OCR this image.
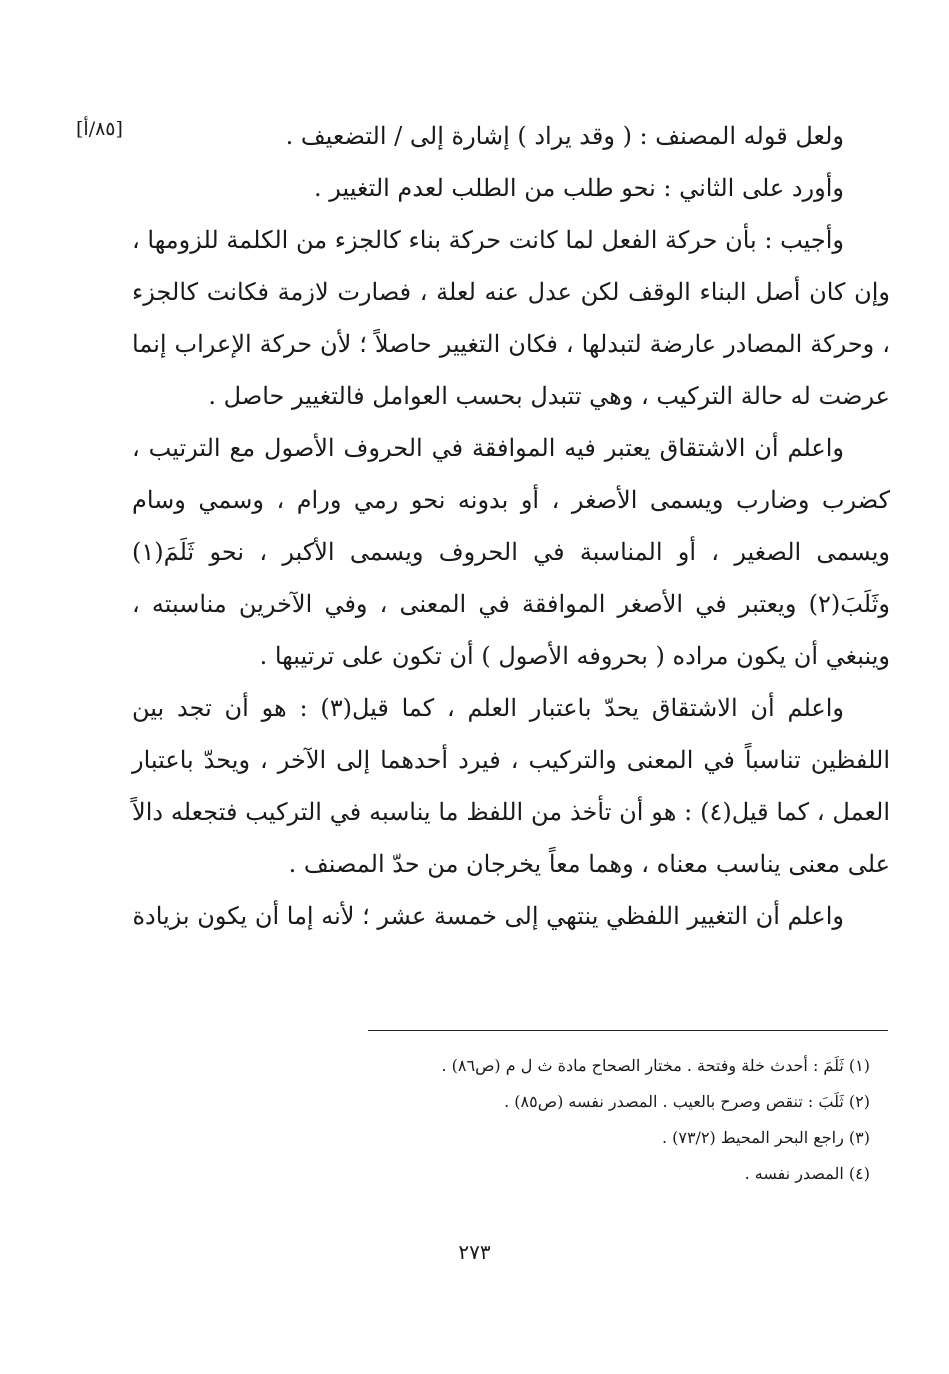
[٨٥/أ]	ولعل قوله المصنف : ( وقد يراد ) إشارة إلى / التضعيف .

وأورد على الثاني : نحو طلب من الطلب لعدم التغيير .

وأجيب : بأن حركة الفعل لما كانت حركة بناء كالجزء من الكلمة للزومها ، وإن كان أصل البناء الوقف لكن عدل عنه لعلة ، فصارت لازمة فكانت كالجزء ، وحركة المصادر عارضة لتبدلها ، فكان التغيير حاصلاً ؛ لأن حركة الإعراب إنما عرضت له حالة التركيب ، وهي تتبدل بحسب العوامل فالتغيير حاصل .

واعلم أن الاشتقاق يعتبر فيه الموافقة في الحروف الأصول مع الترتيب ، كضرب وضارب ويسمى الأصغر ، أو بدونه نحو رمي ورام ، وسمي وسام ويسمى الصغير ، أو المناسبة في الحروف ويسمى الأكبر ، نحو ثَلَمَ(١) وثَلَبَ(٢) ويعتبر في الأصغر الموافقة في المعنى ، وفي الآخرين مناسبته ، وينبغي أن يكون مراده ( بحروفه الأصول ) أن تكون على ترتيبها .

واعلم أن الاشتقاق يحدّ باعتبار العلم ، كما قيل(٣) : هو أن تجد بين اللفظين تناسباً في المعنى والتركيب ، فيرد أحدهما إلى الآخر ، ويحدّ باعتبار العمل ، كما قيل(٤) : هو أن تأخذ من اللفظ ما يناسبه في التركيب فتجعله دالاً على معنى يناسب معناه ، وهما معاً يخرجان من حدّ المصنف .

واعلم أن التغيير اللفظي ينتهي إلى خمسة عشر ؛ لأنه إما أن يكون بزيادة

(١) ثَلَمَ : أحدث خلة وفتحة . مختار الصحاح مادة ث ل م (ص٨٦) .
(٢) ثَلَبَ : تنقص وصرح بالعيب . المصدر نفسه (ص٨٥) .
(٣) راجع البحر المحيط (٧٣/٢) .
(٤) المصدر نفسه .
٢٧٣
